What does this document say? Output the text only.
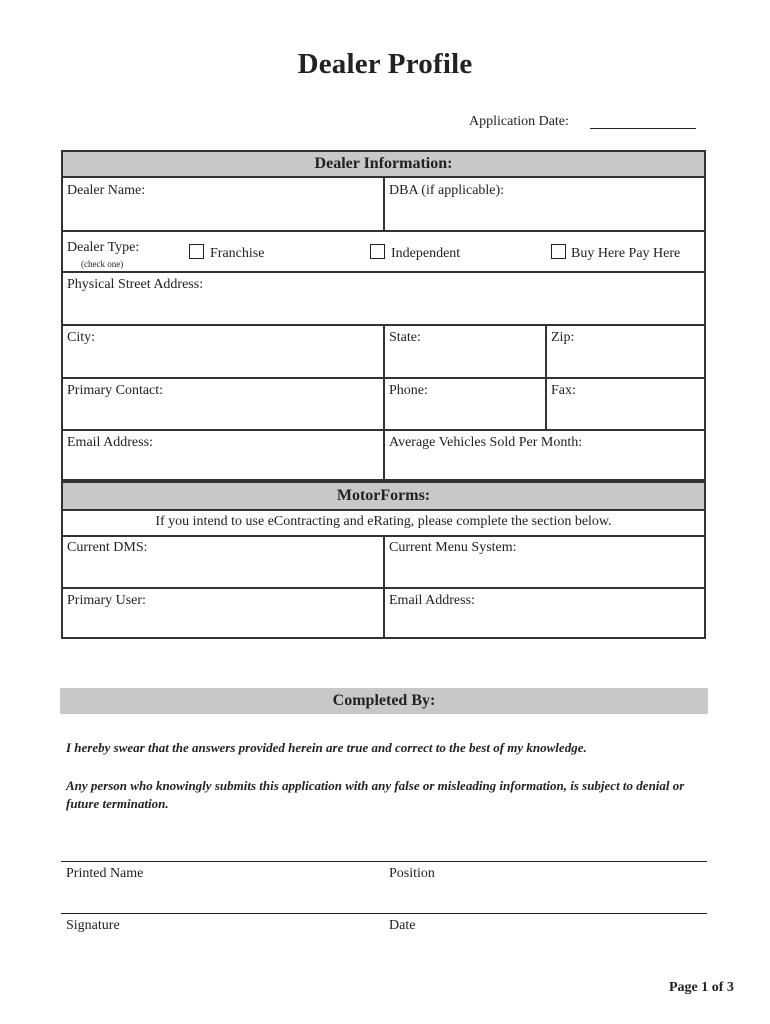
Dealer Profile
Application Date:
Dealer Information:
Dealer Name:	DBA (if applicable):
Dealer Type:
(check one)
Franchise	Independent	Buy Here Pay Here
Physical Street Address:
City:	State:	Zip:
Primary Contact:	Phone:	Fax:
Email Address:	Average Vehicles Sold Per Month:
MotorForms:
If you intend to use eContracting and eRating, please complete the section below.
Current DMS:	Current Menu System:
Primary User:	Email Address:
Completed By:
I hereby swear that the answers provided herein are true and correct to the best of my knowledge.
Any person who knowingly submits this application with any false or misleading information, is subject to denial or future termination.
Printed Name	Position
Signature	Date
Page 1 of 3
